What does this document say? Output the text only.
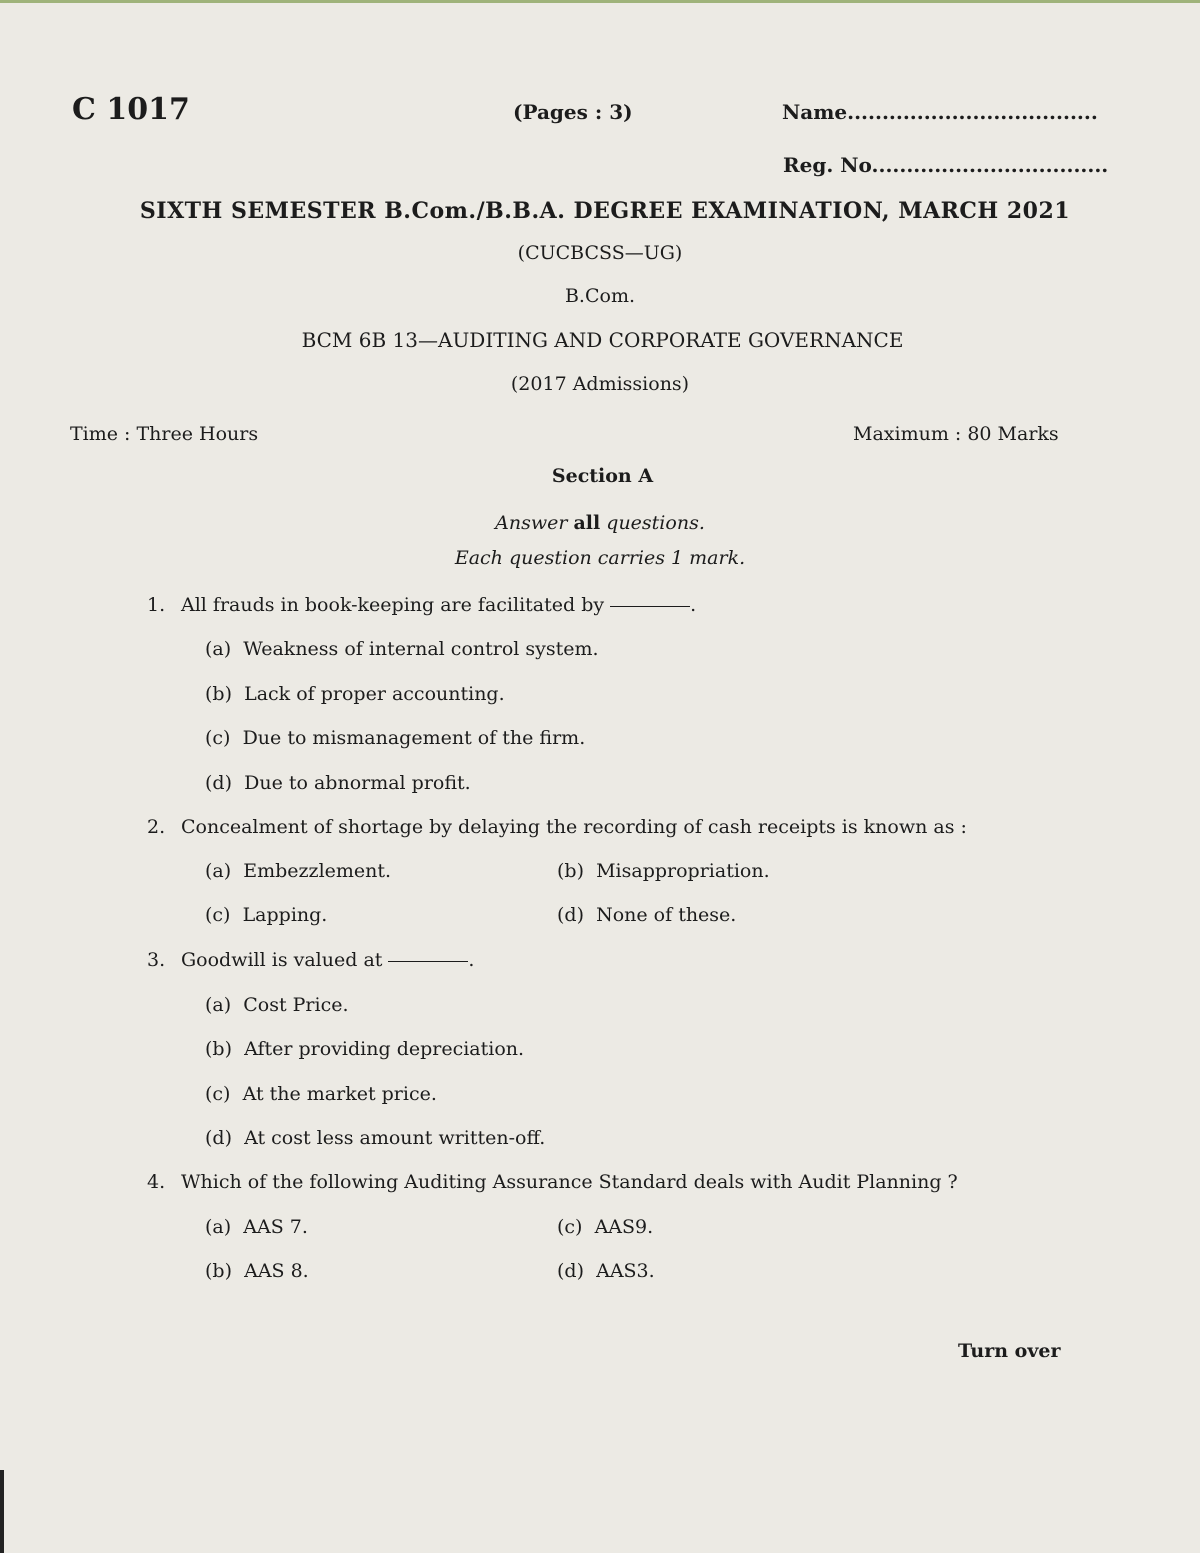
C 1017	(Pages : 3)	Name....................................
Reg. No..................................
SIXTH SEMESTER B.Com./B.B.A. DEGREE EXAMINATION, MARCH 2021
(CUCBCSS—UG)
B.Com.
BCM 6B 13—AUDITING AND CORPORATE GOVERNANCE
(2017 Admissions)
Time : Three Hours	Maximum : 80 Marks
Section A
Answer all questions.
Each question carries 1 mark.
1. All frauds in book-keeping are facilitated by	.
(a) Weakness of internal control system.
(b) Lack of proper accounting.
(c) Due to mismanagement of the firm.
(d) Due to abnormal profit.
2. Concealment of shortage by delaying the recording of cash receipts is known as :
(a) Embezzlement.	(b) Misappropriation.
(c) Lapping.	(d) None of these.
3. Goodwill is valued at	.
(a) Cost Price.
(b) After providing depreciation.
(c) At the market price.
(d) At cost less amount written-off.
4. Which of the following Auditing Assurance Standard deals with Audit Planning ?
(a) AAS 7.	(c) AAS9.
(b) AAS 8.	(d) AAS3.
Turn over
